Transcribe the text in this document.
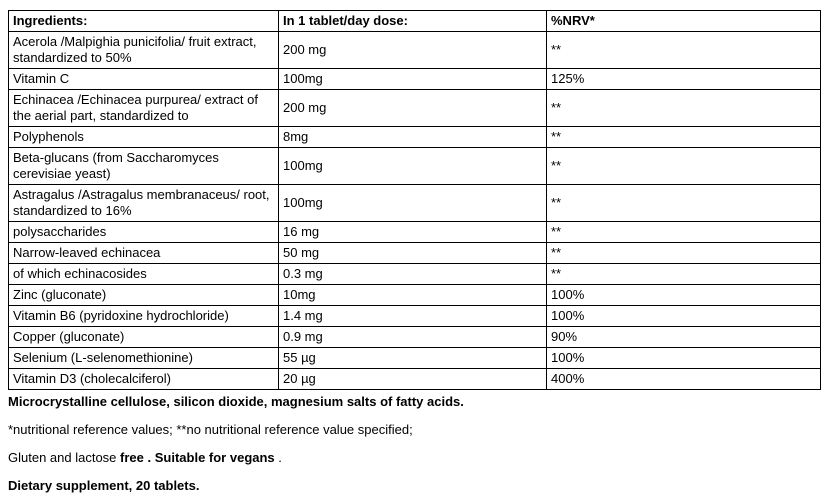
Ingredients:	In 1 tablet/day dose:	%NRV*
Acerola /Malpighia punicifolia/ fruit extract, standardized to 50%	200 mg	**
Vitamin C	100mg	125%
Echinacea /Echinacea purpurea/ extract of the aerial part, standardized to	200 mg	**
Polyphenols	8mg	**
Beta-glucans (from Saccharomyces cerevisiae yeast)	100mg	**
Astragalus /Astragalus membranaceus/ root, standardized to 16%	100mg	**
polysaccharides	16 mg	**
Narrow-leaved echinacea	50 mg	**
of which echinacosides	0.3 mg	**
Zinc (gluconate)	10mg	100%
Vitamin B6 (pyridoxine hydrochloride)	1.4 mg	100%
Copper (gluconate)	0.9 mg	90%
Selenium (L-selenomethionine)	55 µg	100%
Vitamin D3 (cholecalciferol)	20 µg	400%

Microcrystalline cellulose, silicon dioxide, magnesium salts of fatty acids.

*nutritional reference values; **no nutritional reference value specified;

Gluten and lactose free . Suitable for vegans .

Dietary supplement, 20 tablets.
